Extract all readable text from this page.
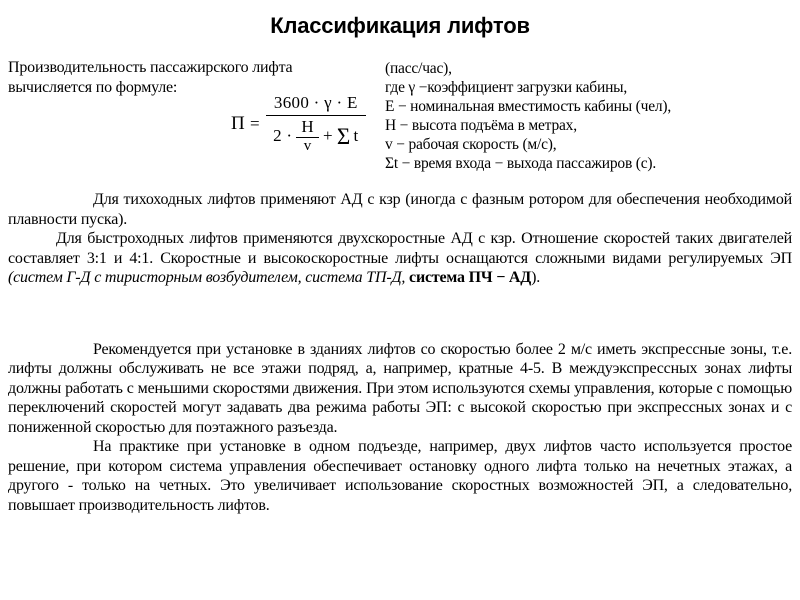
Классификация лифтов
Производительность пассажирского лифта
вычисляется по формуле:
П =
3600 · γ · E
$2 \cdot \frac{H}{v} + \Sigma$ t
(пасс/час),
где γ −коэффициент загрузки кабины,
E − номинальная вместимость кабины (чел),
H − высота подъёма в метрах,
v − рабочая скорость (м/с),
Σt − время входа − выхода пассажиров (с).

Для тихоходных лифтов применяют АД с кзр (иногда с фазным ротором для обеспечения необходимой плавности пуска).

Для быстроходных лифтов применяются двухскоростные АД с кзр. Отношение скоростей таких двигателей составляет 3:1 и 4:1. Скоростные и высокоскоростные лифты оснащаются сложными видами регулируемых ЭП (систем Г-Д с тиристорным возбудителем, система ТП-Д, система ПЧ − АД).

Рекомендуется при установке в зданиях лифтов со скоростью более 2 м/с иметь экспрессные зоны, т.е. лифты должны обслуживать не все этажи подряд, а, например, кратные 4-5. В междуэкспрессных зонах лифты должны работать с меньшими скоростями движения. При этом используются схемы управления, которые с помощью переключений скоростей могут задавать два режима работы ЭП: с высокой скоростью при экспрессных зонах и с пониженной скоростью для поэтажного разъезда.

На практике при установке в одном подъезде, например, двух лифтов часто используется простое решение, при котором система управления обеспечивает остановку одного лифта только на нечетных этажах, а другого - только на четных. Это увеличивает использование скоростных возможностей ЭП, а следовательно, повышает производительность лифтов.
